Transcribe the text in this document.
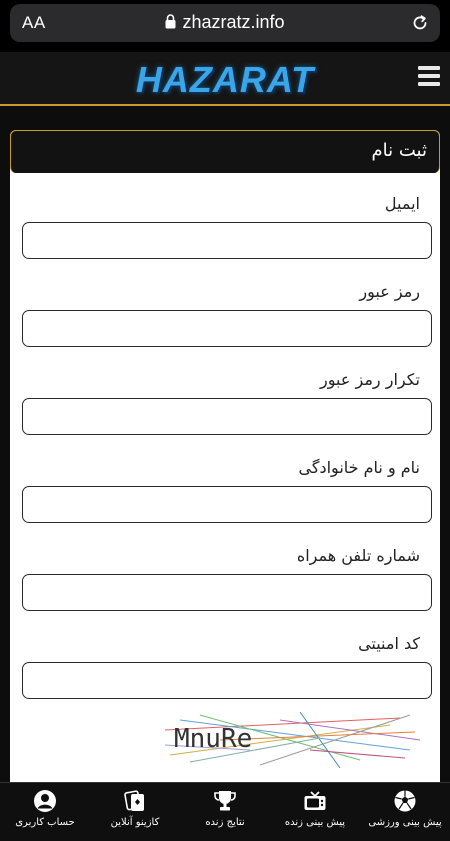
AA	zhazratz.info
HAZARAT
ثبت نام
ایمیل
رمز عبور
تکرار رمز عبور
نام و نام خانوادگی
شماره تلفن همراه
کد امنیتی
MnuRe
پیش بینی ورزشی
پیش بینی زنده
نتایج زنده
کازینو آنلاین
حساب کاربری
